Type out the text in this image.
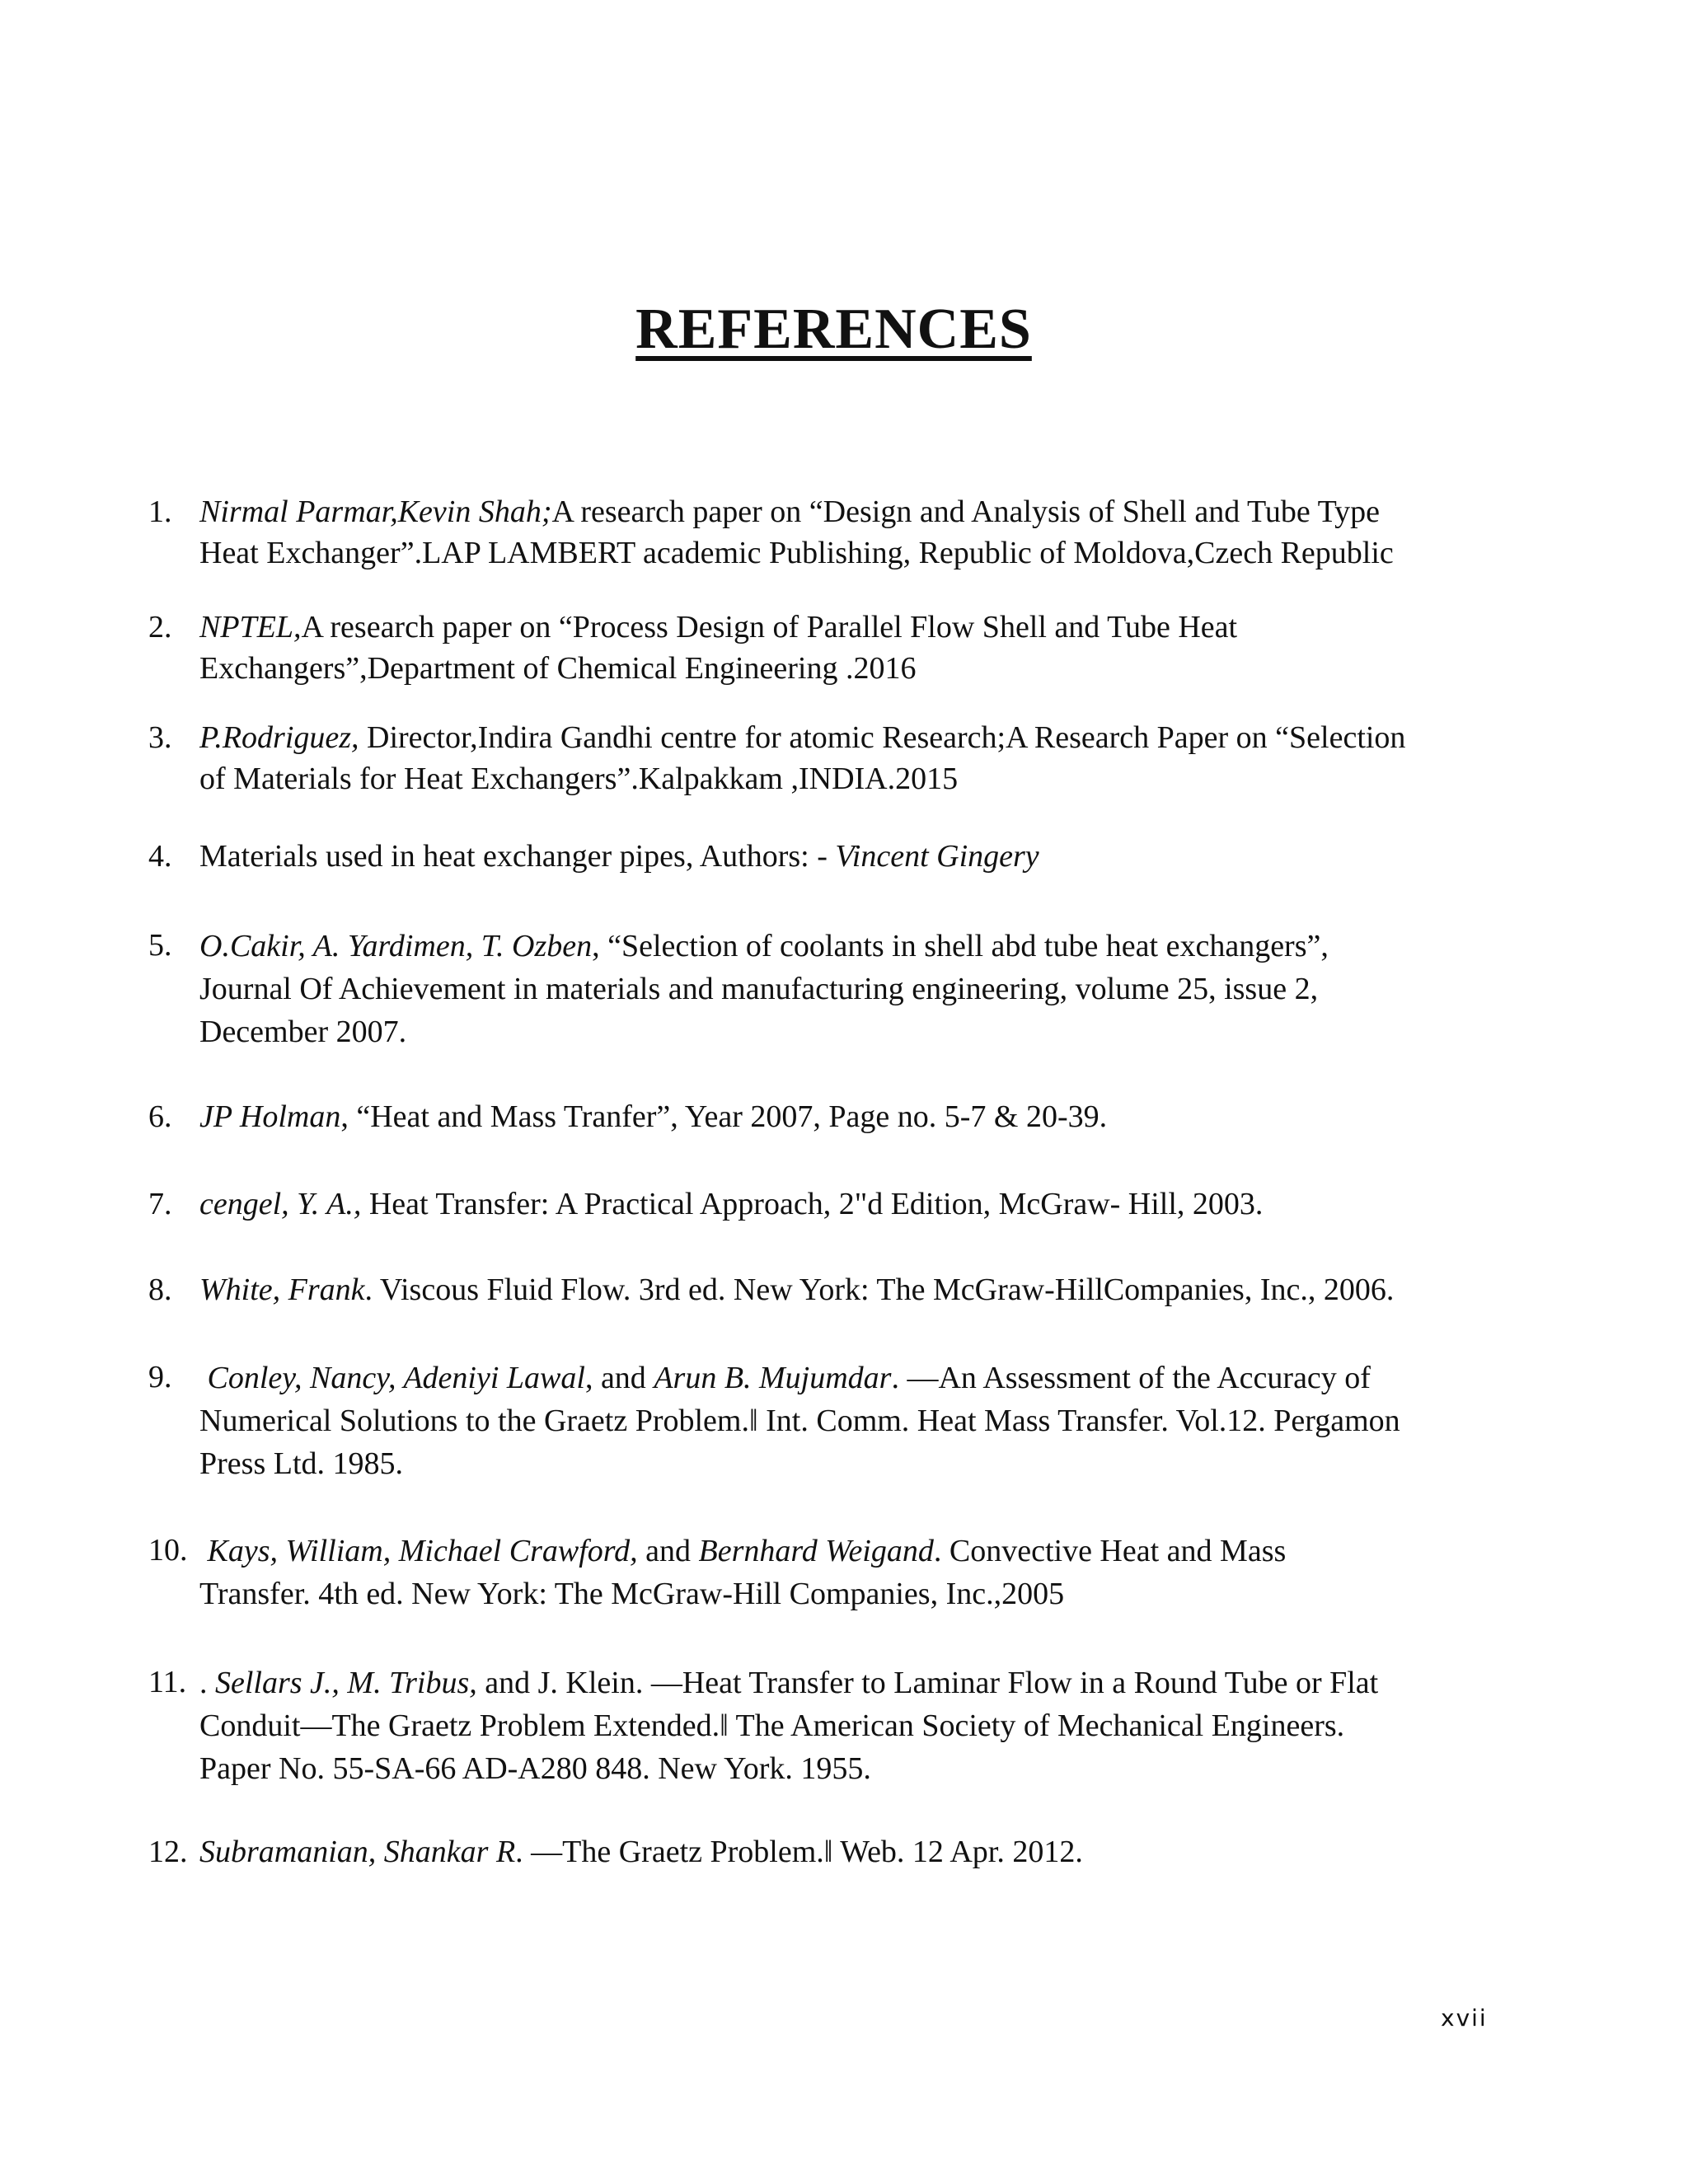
REFERENCES
1. Nirmal Parmar,Kevin Shah;A research paper on “Design and Analysis of Shell and Tube Type
Heat Exchanger”.LAP LAMBERT academic Publishing, Republic of Moldova,Czech Republic
2. NPTEL,A research paper on “Process Design of Parallel Flow Shell and Tube Heat
Exchangers”,Department of Chemical Engineering .2016
3. P.Rodriguez, Director,Indira Gandhi centre for atomic Research;A Research Paper on “Selection
of Materials for Heat Exchangers”.Kalpakkam ,INDIA.2015
4. Materials used in heat exchanger pipes, Authors: - Vincent Gingery
5. O.Cakir, A. Yardimen, T. Ozben, “Selection of coolants in shell abd tube heat exchangers”,
Journal Of Achievement in materials and manufacturing engineering, volume 25, issue 2,
December 2007.
6. JP Holman, “Heat and Mass Tranfer”, Year 2007, Page no. 5-7 & 20-39.
7. cengel, Y. A., Heat Transfer: A Practical Approach, 2"d Edition, McGraw- Hill, 2003.
8. White, Frank. Viscous Fluid Flow. 3rd ed. New York: The McGraw-HillCompanies, Inc., 2006.
9. Conley, Nancy, Adeniyi Lawal, and Arun B. Mujumdar. ―An Assessment of the Accuracy of
Numerical Solutions to the Graetz Problem.‖ Int. Comm. Heat Mass Transfer. Vol.12. Pergamon
Press Ltd. 1985.
10. Kays, William, Michael Crawford, and Bernhard Weigand. Convective Heat and Mass
Transfer. 4th ed. New York: The McGraw-Hill Companies, Inc.,2005
11. . Sellars J., M. Tribus, and J. Klein. ―Heat Transfer to Laminar Flow in a Round Tube or Flat
Conduit—The Graetz Problem Extended.‖ The American Society of Mechanical Engineers.
Paper No. 55-SA-66 AD-A280 848. New York. 1955.
12. Subramanian, Shankar R. ―The Graetz Problem.‖ Web. 12 Apr. 2012.
xvii
